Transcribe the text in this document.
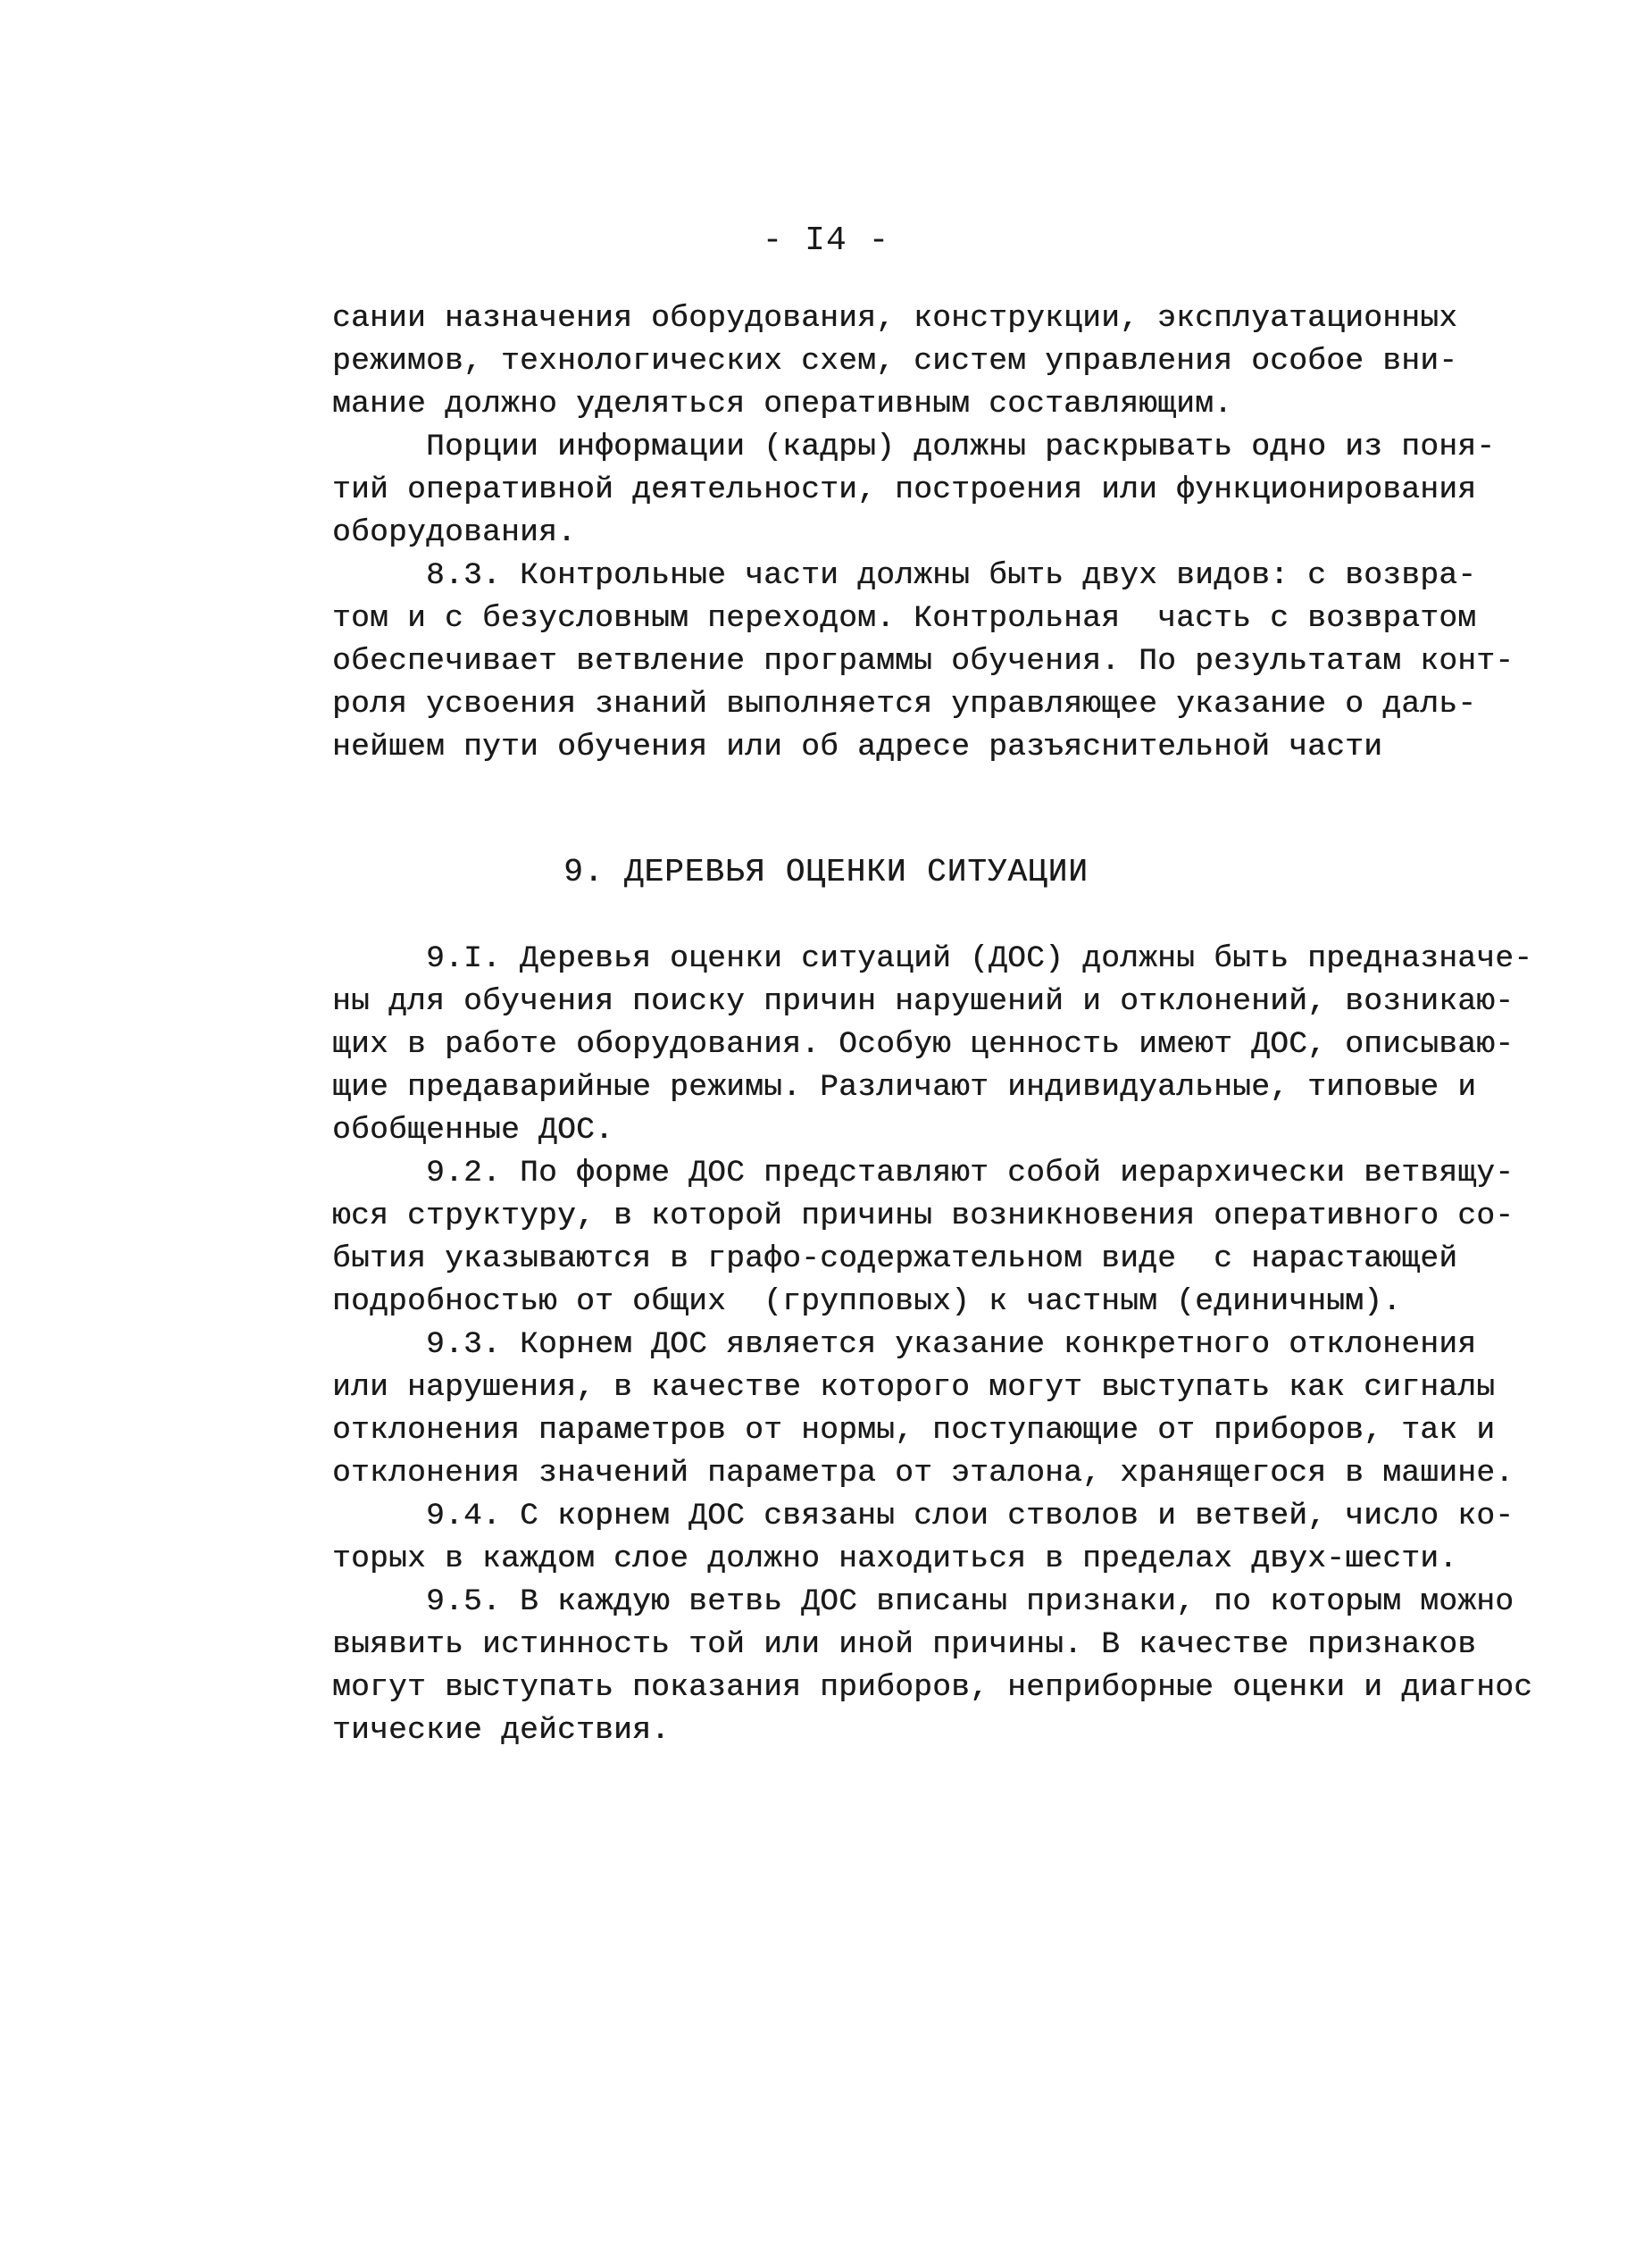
- I4 -
сании назначения оборудования, конструкции, эксплуатационных
режимов, технологических схем, систем управления особое вни-
мание должно уделяться оперативным составляющим.
Порции информации (кадры) должны раскрывать одно из поня-
тий оперативной деятельности, построения или функционирования
оборудования.
8.3. Контрольные части должны быть двух видов: с возвра-
том и с безусловным переходом. Контрольная  часть с возвратом
обеспечивает ветвление программы обучения. По результатам конт-
роля усвоения знаний выполняется управляющее указание о даль-
нейшем пути обучения или об адресе разъяснительной части
9. ДЕРЕВЬЯ ОЦЕНКИ СИТУАЦИИ
9.I. Деревья оценки ситуаций (ДОС) должны быть предназначе-
ны для обучения поиску причин нарушений и отклонений, возникаю-
щих в работе оборудования. Особую ценность имеют ДОС, описываю-
щие предаварийные режимы. Различают индивидуальные, типовые и
обобщенные ДОС.
9.2. По форме ДОС представляют собой иерархически ветвящу-
юся структуру, в которой причины возникновения оперативного со-
бытия указываются в графо-содержательном виде  с нарастающей
подробностью от общих  (групповых) к частным (единичным).
9.3. Корнем ДОС является указание конкретного отклонения
или нарушения, в качестве которого могут выступать как сигналы
отклонения параметров от нормы, поступающие от приборов, так и
отклонения значений параметра от эталона, хранящегося в машине.
9.4. С корнем ДОС связаны слои стволов и ветвей, число ко-
торых в каждом слое должно находиться в пределах двух-шести.
9.5. В каждую ветвь ДОС вписаны признаки, по которым можно
выявить истинность той или иной причины. В качестве признаков
могут выступать показания приборов, неприборные оценки и диагнос
тические действия.
